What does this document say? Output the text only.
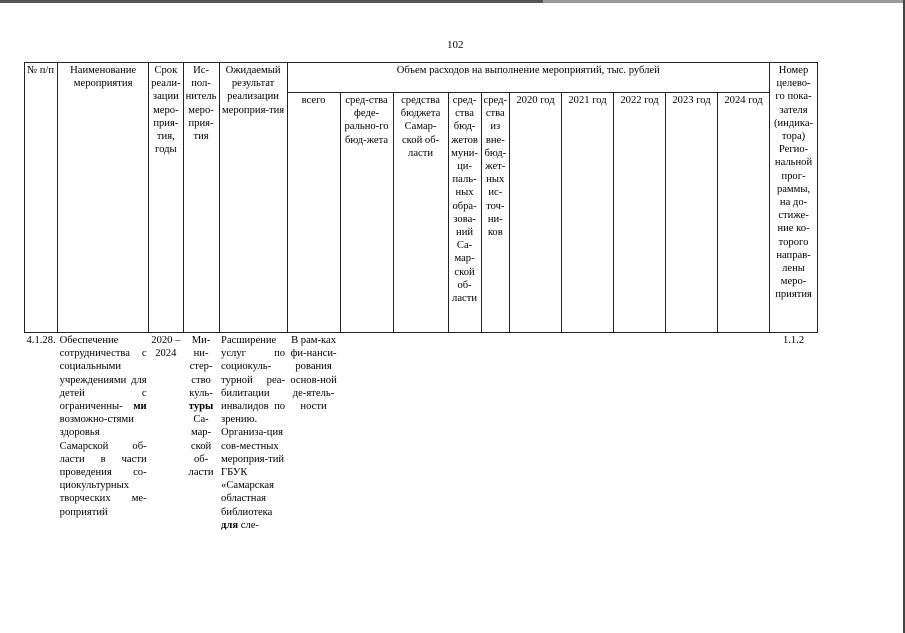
102
№ п/п	Наименование мероприятия	Срок реали-зации меро-прия-тия, годы	Ис-пол-нитель меро-прия-тия	Ожидаемый результат реализации мероприя-тия	Объем расходов на выполнение мероприятий, тыс. рублей										Номер целево-го пока-зателя (индика-тора) Регио-нальной прог-раммы, на до-стиже-ние ко-торого направ-лены меро-приятия
					всего	сред-ства феде-рально-го бюд-жета	средства бюджета Самар-ской об-ласти	сред-ства бюд-жетов муни-ци-паль-ных обра-зова-ний Са-мар-ской об-ласти	сред-ства из вне-бюд-жет-ных ис-точ-ни-ков	2020 год	2021 год	2022 год	2023 год	2024 год	
4.1.28.	Обеспечение сотрудничества с социальными учреждениями для детей с ограниченны- ми возможно-стями здоровья Самарской об-ласти в части проведения со-циокультурных творческих ме-роприятий	2020 – 2024	Ми-ни-стер-ство куль-туры Са-мар-ской об-ласти	Расширение услуг по социокуль-турной реа-билитации инвалидов по зрению. Организа-ция сов-местных мероприя-тий ГБУК «Самарская областная библиотека для сле-	В рам-ках фи-нанси-рования основ-ной де-ятель-ности										1.1.2
